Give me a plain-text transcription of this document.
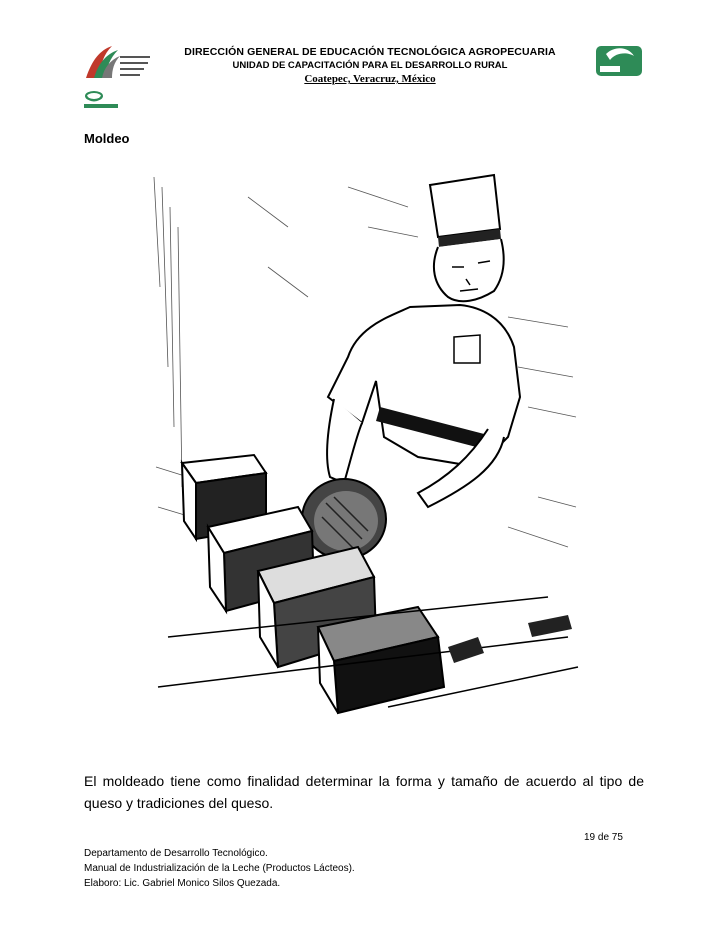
DIRECCIÓN GENERAL DE EDUCACIÓN TECNOLÓGICA AGROPECUARIA
UNIDAD DE CAPACITACIÓN PARA EL DESARROLLO RURAL
Coatepec, Veracruz, México
Moldeo
El moldeado tiene como finalidad determinar la forma y tamaño de acuerdo al tipo de queso y tradiciones del queso.
19 de 75
Departamento de Desarrollo Tecnológico.
Manual de Industrialización de la Leche (Productos Lácteos).
Elaboro: Lic. Gabriel Monico Silos Quezada.
